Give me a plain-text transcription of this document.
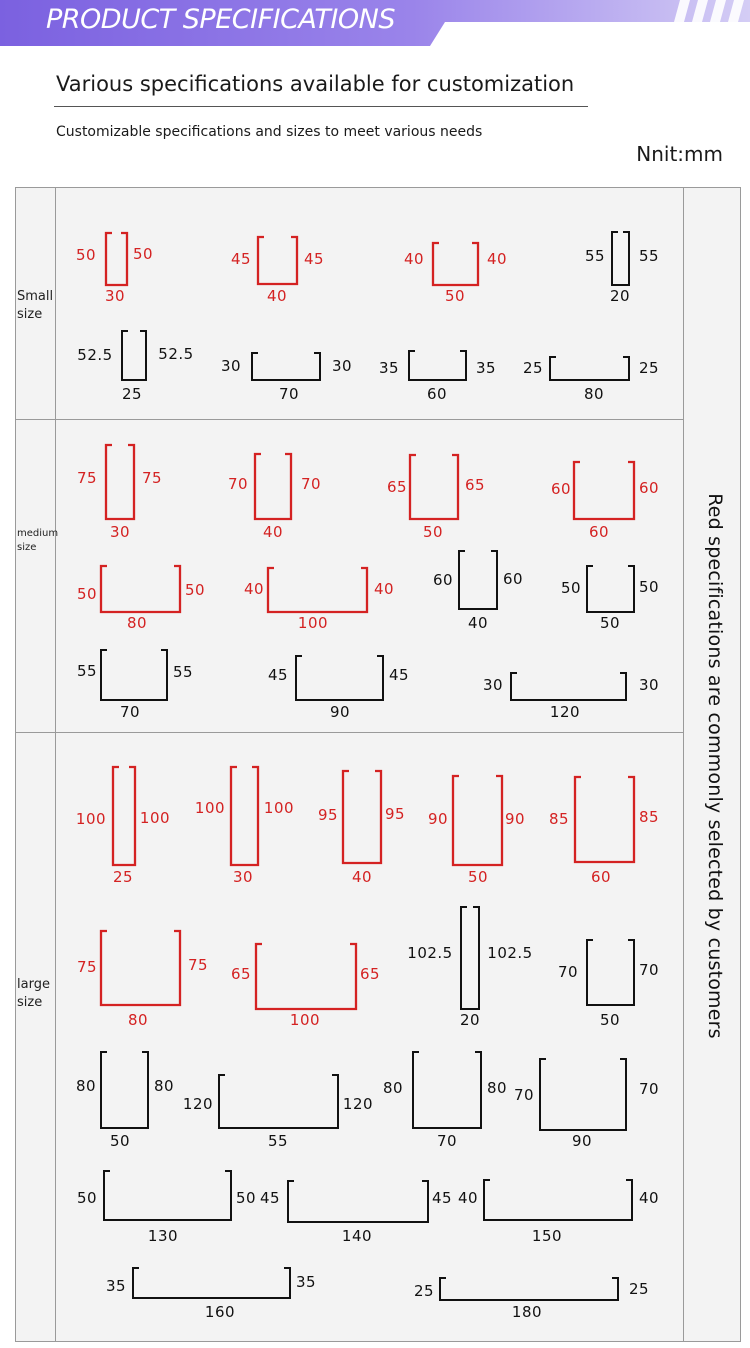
PRODUCT SPECIFICATIONS
Various specifications available for customization
Customizable specifications and sizes to meet various needs
Nnit:mm
Small
size
medium
size
large
size	Red specifications are commonly selected by customers
50 50
30
45	45
40
40	40
50
55 55
20
52.5	52.5
25
30	30
70
35	35
60
25	25
80
75	75
30
70	70
40
65	65
50
60	60
60
50	50
80
40	40
100
60	60
40
50	50
50
55	55
70
45	45
90
30	30
120
100 100
25
100	100
30
95	95
40
90	90
50
85	85
60
75	75
80
65	65
100
102.5 102.5
20
70	70
50
80	80
50
120	120
55
80	80
70
70	70
90
50	50
130
45	45
140
40	40
150
35	35
160
25	25
180
